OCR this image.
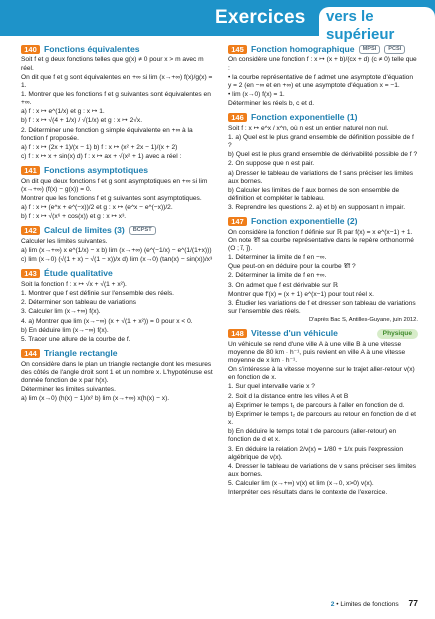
Exercices	vers le supérieur
140 Fonctions équivalentes
Soit f et g deux fonctions telles que g(x) ≠ 0 pour x > m avec m réel.
On dit que f et g sont équivalentes en +∞ si lim (x→+∞) f(x)/g(x) = 1.
1. Montrer que les fonctions f et g suivantes sont équivalentes en +∞.
a) f : x ↦ e^(1/x) et g : x ↦ 1.
b) f : x ↦ √(4 + 1/x) / √(1/x) et g : x ↦ 2√x.
2. Déterminer une fonction g simple équivalente en +∞ à la fonction f proposée.
a) f : x ↦ (2x + 1)/(x − 1) b) f : x ↦ (x² + 2x − 1)/(x + 2)
c) f : x ↦ x + sin(x) d) f : x ↦ ax + √(x² + 1) avec a réel :
141 Fonctions asymptotiques
On dit que deux fonctions f et g sont asymptotiques en +∞ si lim (x→+∞) (f(x) − g(x)) = 0.
Montrer que les fonctions f et g suivantes sont asymptotiques.
a) f : x ↦ (e^x + e^(−x))/2 et g : x ↦ (e^x − e^(−x))/2.
b) f : x ↦ √(x⁶ + cos(x)) et g : x ↦ x³.
142 Calcul de limites (3)	BCPST
Calculer les limites suivantes.
a) lim (x→+∞) x e^(1/x) − x b) lim (x→+∞) (e^(−1/x) − e^(1/(1+x)))
c) lim (x→0) (√(1 + x) − √(1 − x))/x d) lim (x→0) (tan(x) − sin(x))/x³
143 Étude qualitative
Soit la fonction f : x ↦ √x + √(1 + x²).
1. Montrer que f est définie sur l'ensemble des réels.
2. Déterminer son tableau de variations
3. Calculer lim (x→+∞) f(x).
4. a) Montrer que lim (x→−∞) (x + √(1 + x²)) = 0 pour x < 0.
b) En déduire lim (x→−∞) f(x).
5. Tracer une allure de la courbe de f.
144 Triangle rectangle
On considère dans le plan un triangle rectangle dont les mesures des côtés de l'angle droit sont 1 et un nombre x. L'hypoténuse est donnée fonction de x par h(x).
Déterminer les limites suivantes.
a) lim (x→0) (h(x) − 1)/x² b) lim (x→+∞) x(h(x) − x).
145 Fonction homographique	MPSI	PCSI
On considère une fonction f : x ↦ (x + b)/(cx + d) (c ≠ 0) telle que :
• la courbe représentative de f admet une asymptote d'équation y = 2 (en −∞ et en +∞) et une asymptote d'équation x = −1.
• lim (x→0) f(x) = 1.
Déterminer les réels b, c et d.
146 Fonction exponentielle (1)
Soit f : x ↦ e^x / x^n, où n est un entier naturel non nul.
1. a) Quel est le plus grand ensemble de définition possible de f ?
b) Quel est le plus grand ensemble de dérivabilité possible de f ?
2. On suppose que n est pair.
a) Dresser le tableau de variations de f sans préciser les limites aux bornes.
b) Calculer les limites de f aux bornes de son ensemble de définition et compléter le tableau.
3. Reprendre les questions 2. a) et b) en supposant n impair.
147 Fonction exponentielle (2)
On considère la fonction f définie sur ℝ par f(x) = x e^(x−1) + 1. On note 𝒞f sa courbe représentative dans le repère orthonormé (O ; i⃗, j⃗).
1. Déterminer la limite de f en −∞.
Que peut-on en déduire pour la courbe 𝒞f ?
2. Déterminer la limite de f en +∞.
3. On admet que f est dérivable sur ℝ
Montrer que f′(x) = (x + 1) e^(x−1) pour tout réel x.
3. Étudier les variations de f et dresser son tableau de variations sur l'ensemble des réels.
D'après Bac S, Antilles-Guyane, juin 2012.
148 Vitesse d'un véhicule	Physique
Un véhicule se rend d'une ville A à une ville B à une vitesse moyenne de 80 km · h⁻¹, puis revient en ville A à une vitesse moyenne de x km · h⁻¹.
On s'intéresse à la vitesse moyenne sur le trajet aller-retour v(x) en fonction de x.
1. Sur quel intervalle varie x ?
2. Soit d la distance entre les villes A et B
a) Exprimer le temps t₁ de parcours à l'aller en fonction de d.
b) Exprimer le temps t₂ de parcours au retour en fonction de d et x.
b) En déduire le temps total t de parcours (aller-retour) en fonction de d et x.
3. En déduire la relation 2/v(x) = 1/80 + 1/x puis l'expression algébrique de v(x).
4. Dresser le tableau de variations de v sans préciser ses limites aux bornes.
5. Calculer lim (x→+∞) v(x) et lim (x→0, x>0) v(x).
Interpréter ces résultats dans le contexte de l'exercice.
2 • Limites de fonctions 77
